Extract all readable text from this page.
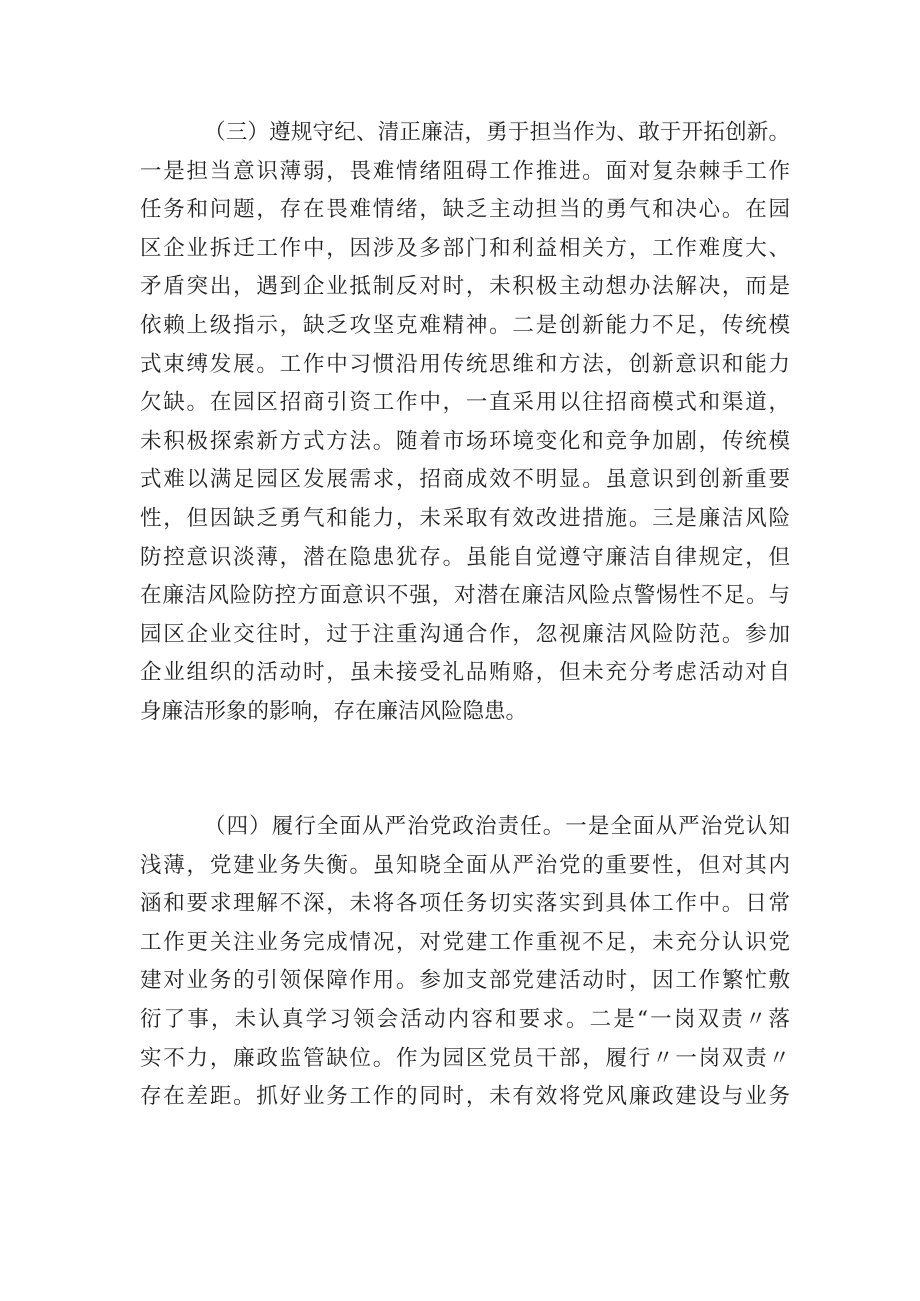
（三）遵规守纪、清正廉洁，勇于担当作为、敢于开拓创新。
一是担当意识薄弱，畏难情绪阻碍工作推进。面对复杂棘手工作
任务和问题，存在畏难情绪，缺乏主动担当的勇气和决心。在园
区企业拆迁工作中，因涉及多部门和利益相关方，工作难度大、
矛盾突出，遇到企业抵制反对时，未积极主动想办法解决，而是
依赖上级指示，缺乏攻坚克难精神。二是创新能力不足，传统模
式束缚发展。工作中习惯沿用传统思维和方法，创新意识和能力
欠缺。在园区招商引资工作中，一直采用以往招商模式和渠道，
未积极探索新方式方法。随着市场环境变化和竞争加剧，传统模
式难以满足园区发展需求，招商成效不明显。虽意识到创新重要
性，但因缺乏勇气和能力，未采取有效改进措施。三是廉洁风险
防控意识淡薄，潜在隐患犹存。虽能自觉遵守廉洁自律规定，但
在廉洁风险防控方面意识不强，对潜在廉洁风险点警惕性不足。与
园区企业交往时，过于注重沟通合作，忽视廉洁风险防范。参加
企业组织的活动时，虽未接受礼品贿赂，但未充分考虑活动对自
身廉洁形象的影响，存在廉洁风险隐患。
（四）履行全面从严治党政治责任。一是全面从严治党认知
浅薄，党建业务失衡。虽知晓全面从严治党的重要性，但对其内
涵和要求理解不深，未将各项任务切实落实到具体工作中。日常
工作更关注业务完成情况，对党建工作重视不足，未充分认识党
建对业务的引领保障作用。参加支部党建活动时，因工作繁忙敷
衍了事，未认真学习领会活动内容和要求。二是“一岗双责〃落
实不力，廉政监管缺位。作为园区党员干部，履行〃一岗双责〃
存在差距。抓好业务工作的同时，未有效将党风廉政建设与业务
